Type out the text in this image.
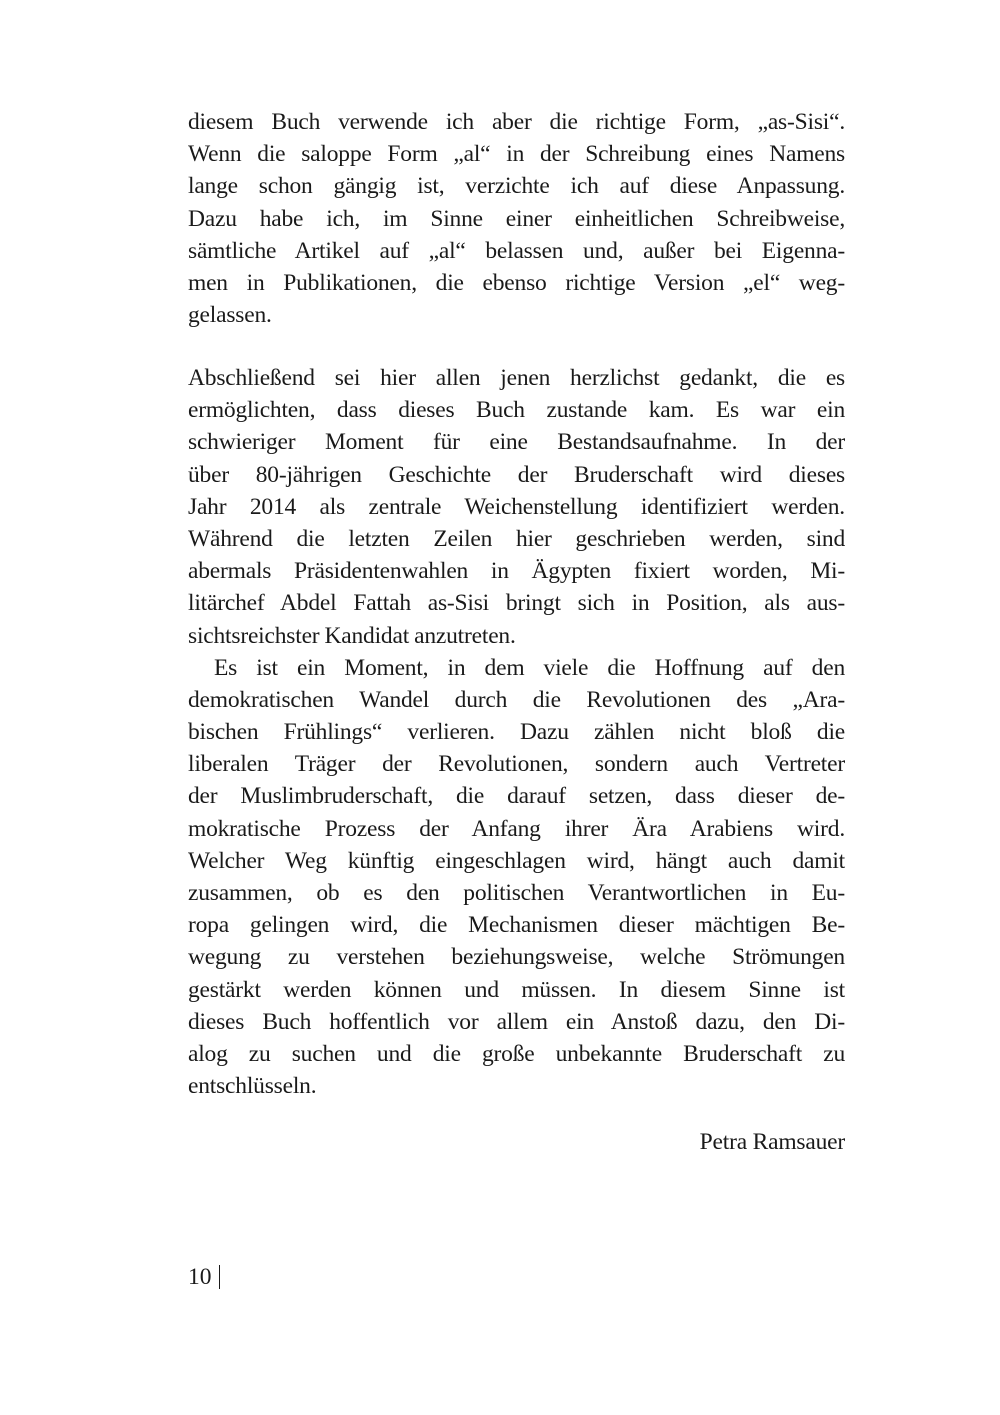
diesem Buch verwende ich aber die richtige Form, „as-Sisi“.
Wenn die saloppe Form „al“ in der Schreibung eines Namens
lange schon gängig ist, verzichte ich auf diese Anpassung.
Dazu habe ich, im Sinne einer einheitlichen Schreibweise,
sämtliche Artikel auf „al“ belassen und, außer bei Eigenna-
men in Publikationen, die ebenso richtige Version „el“ weg-
gelassen.
Abschließend sei hier allen jenen herzlichst gedankt, die es
ermöglichten, dass dieses Buch zustande kam. Es war ein
schwieriger Moment für eine Bestandsaufnahme. In der
über 80-jährigen Geschichte der Bruderschaft wird dieses
Jahr 2014 als zentrale Weichenstellung identifiziert werden.
Während die letzten Zeilen hier geschrieben werden, sind
abermals Präsidentenwahlen in Ägypten fixiert worden, Mi-
litärchef Abdel Fattah as-Sisi bringt sich in Position, als aus-
sichtsreichster Kandidat anzutreten.
Es ist ein Moment, in dem viele die Hoffnung auf den
demokratischen Wandel durch die Revolutionen des „Ara-
bischen Frühlings“ verlieren. Dazu zählen nicht bloß die
liberalen Träger der Revolutionen, sondern auch Vertreter
der Muslimbruderschaft, die darauf setzen, dass dieser de-
mokratische Prozess der Anfang ihrer Ära Arabiens wird.
Welcher Weg künftig eingeschlagen wird, hängt auch damit
zusammen, ob es den politischen Verantwortlichen in Eu-
ropa gelingen wird, die Mechanismen dieser mächtigen Be-
wegung zu verstehen beziehungsweise, welche Strömungen
gestärkt werden können und müssen. In diesem Sinne ist
dieses Buch hoffentlich vor allem ein Anstoß dazu, den Di-
alog zu suchen und die große unbekannte Bruderschaft zu
entschlüsseln.
Petra Ramsauer
10
